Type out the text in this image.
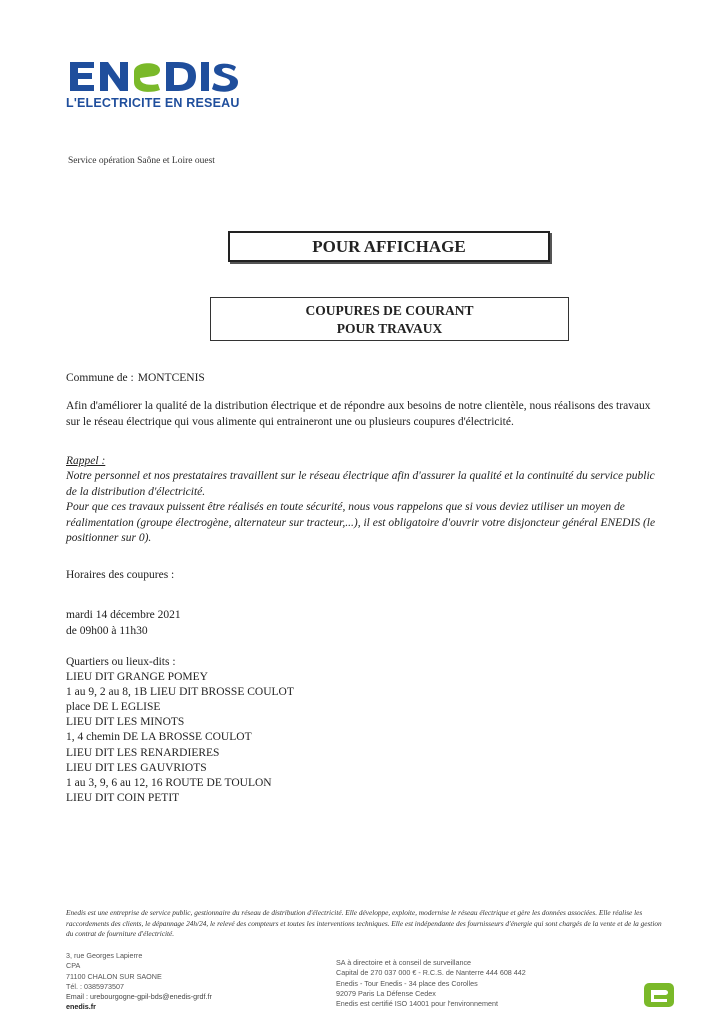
L'ELECTRICITE EN RESEAU
Service opération Saône et Loire ouest
POUR AFFICHAGE
COUPURES DE COURANT
POUR TRAVAUX
Commune de : MONTCENIS
Afin d'améliorer la qualité de la distribution électrique et de répondre aux besoins de notre clientèle, nous réalisons des travaux sur le réseau électrique qui vous alimente qui entraineront une ou plusieurs coupures d'électricité.
Rappel :

Notre personnel et nos prestataires travaillent sur le réseau électrique afin d'assurer la qualité et la continuité du service public de la distribution d'électricité.

Pour que ces travaux puissent être réalisés en toute sécurité, nous vous rappelons que si vous deviez utiliser un moyen de réalimentation (groupe électrogène, alternateur sur tracteur,...), il est obligatoire d'ouvrir votre disjoncteur général ENEDIS (le positionner sur 0).

Horaires des coupures :
mardi 14 décembre 2021
de 09h00 à 11h30
Quartiers ou lieux-dits :
LIEU DIT GRANGE POMEY
1 au 9, 2 au 8, 1B LIEU DIT BROSSE COULOT
place DE L EGLISE
LIEU DIT LES MINOTS
1, 4 chemin DE LA BROSSE COULOT
LIEU DIT LES RENARDIERES
LIEU DIT LES GAUVRIOTS
1 au 3, 9, 6 au 12, 16 ROUTE DE TOULON
LIEU DIT COIN PETIT
Enedis est une entreprise de service public, gestionnaire du réseau de distribution d'électricité. Elle développe, exploite, modernise le réseau électrique et gère les données associées. Elle réalise les raccordements des clients, le dépannage 24h/24, le relevé des compteurs et toutes les interventions techniques. Elle est indépendante des fournisseurs d'énergie qui sont chargés de la vente et de la gestion du contrat de fourniture d'électricité.
3, rue Georges Lapierre
CPA
71100 CHALON SUR SAONE
Tél. : 0385973507
Email : urebourgogne-gpil-bds@enedis-grdf.fr
enedis.fr
SA à directoire et à conseil de surveillance
Capital de 270 037 000 € - R.C.S. de Nanterre 444 608 442
Enedis - Tour Enedis - 34 place des Corolles
92079 Paris La Défense Cedex
Enedis est certifié ISO 14001 pour l'environnement
